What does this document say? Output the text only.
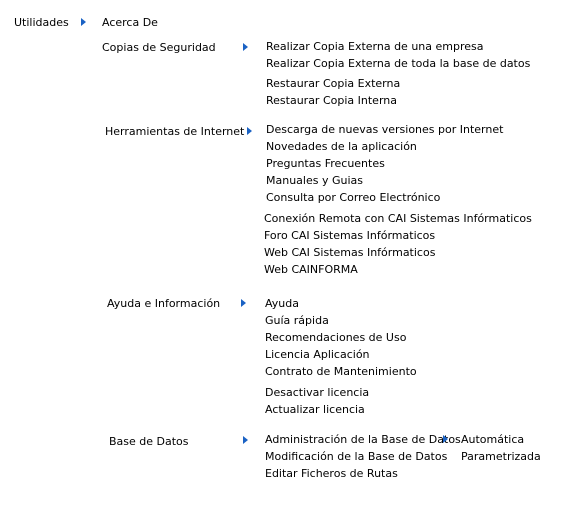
Utilidades	Acerca De
Copias de Seguridad
Herramientas de Internet
Ayuda e Información
Base de Datos
Realizar Copia Externa de una empresa
Realizar Copia Externa de toda la base de datos
Restaurar Copia Externa
Restaurar Copia Interna
Descarga de nuevas versiones por Internet
Novedades de la aplicación
Preguntas Frecuentes
Manuales y Guias
Consulta por Correo Electrónico
Conexión Remota con CAI Sistemas Infórmaticos
Foro CAI Sistemas Infórmaticos
Web CAI Sistemas Infórmaticos
Web CAINFORMA
Ayuda
Guía rápida
Recomendaciones de Uso
Licencia Aplicación
Contrato de Mantenimiento
Desactivar licencia
Actualizar licencia
Administración de la Base de Datos
Modificación de la Base de Datos
Editar Ficheros de Rutas
Automática
Parametrizada
